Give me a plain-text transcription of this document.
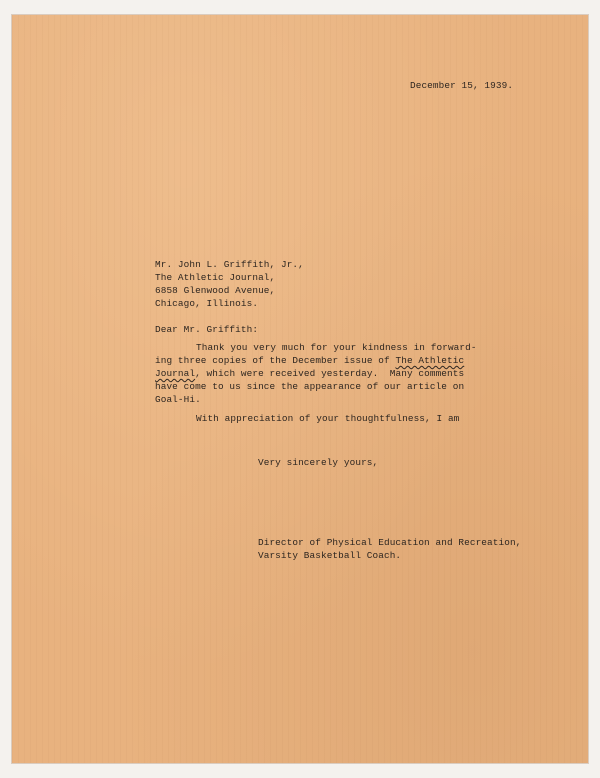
December 15, 1939.
Mr. John L. Griffith, Jr.,
The Athletic Journal,
6858 Glenwood Avenue,
Chicago, Illinois.
Dear Mr. Griffith:
Thank you very much for your kindness in forward-
ing three copies of the December issue of The Athletic
Journal, which were received yesterday.  Many comments
have come to us since the appearance of our article on
Goal-Hi.
With appreciation of your thoughtfulness, I am
Very sincerely yours,
Director of Physical Education and Recreation,
Varsity Basketball Coach.
